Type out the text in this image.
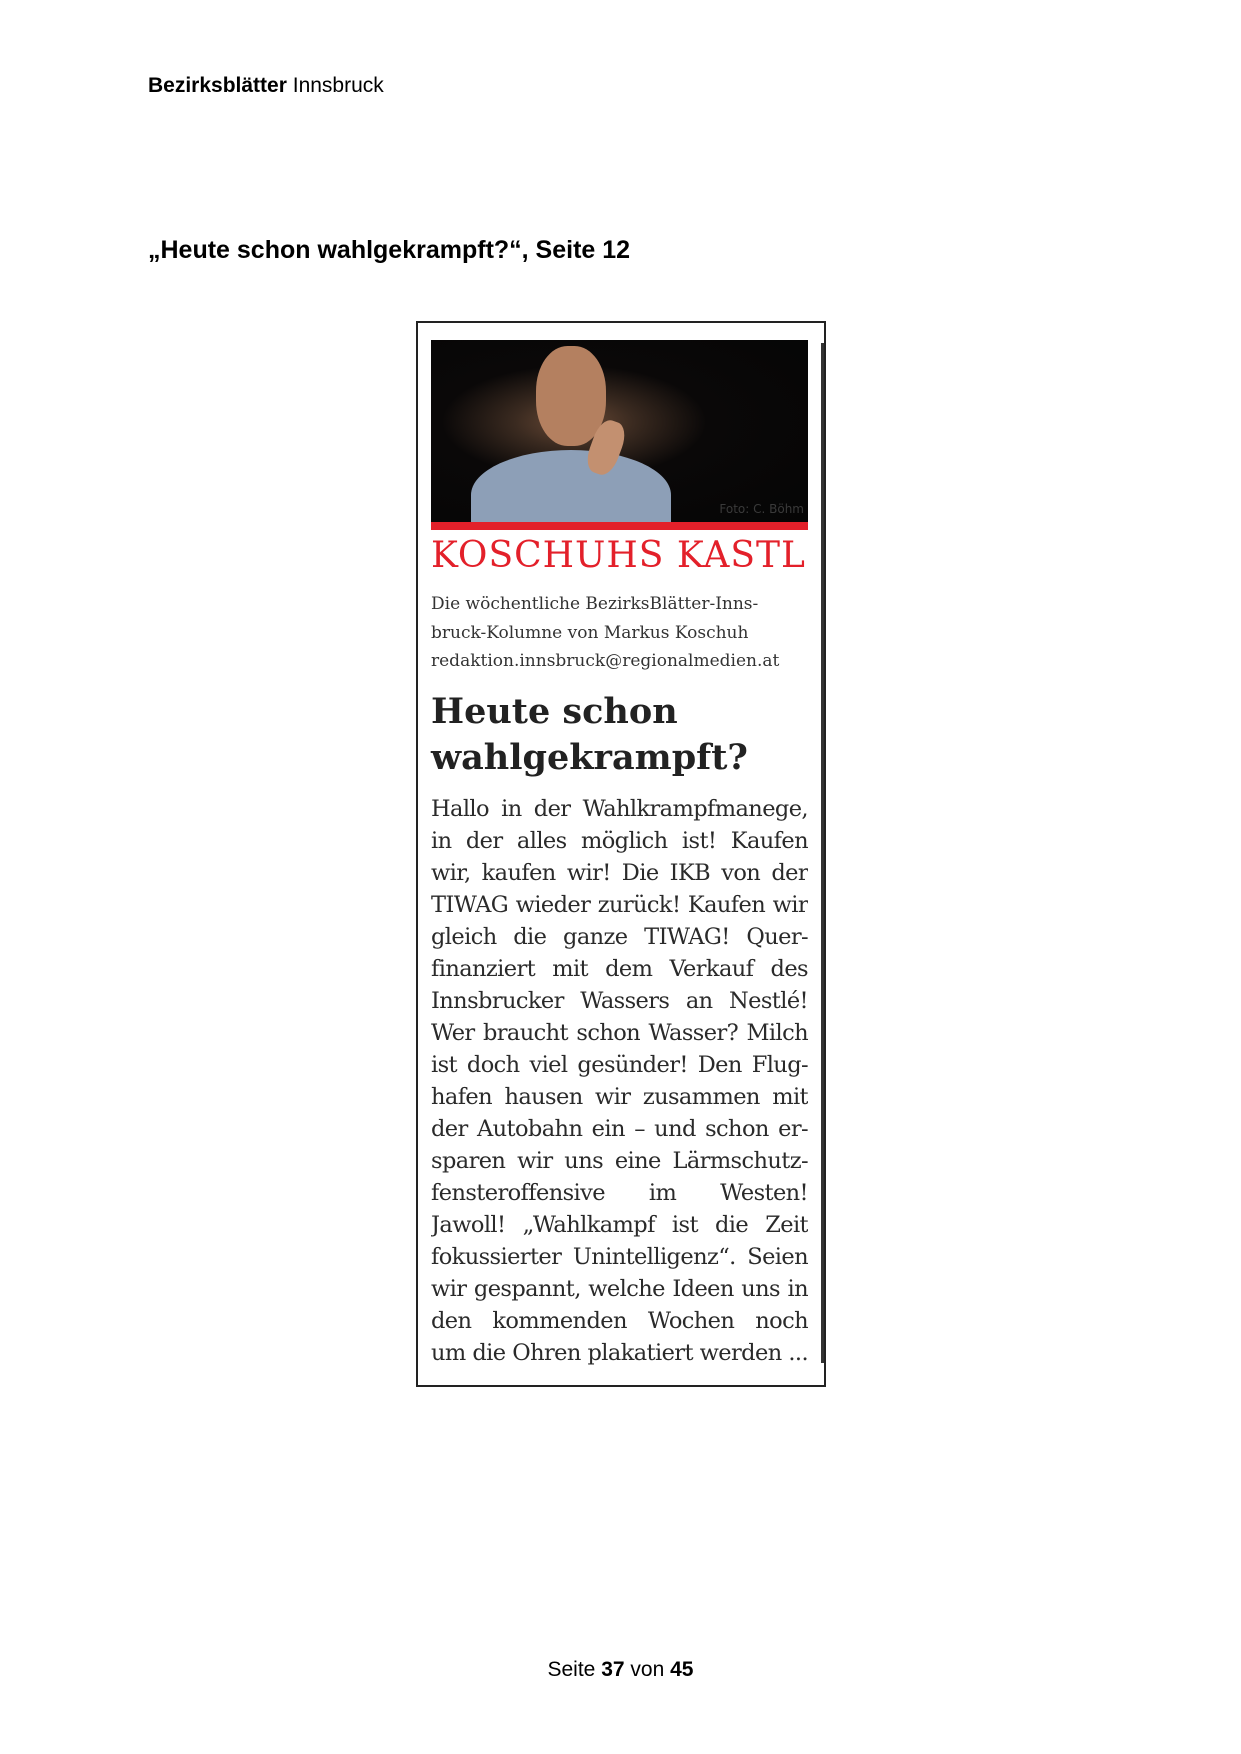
Bezirksblätter Innsbruck
„Heute schon wahlgekrampft?“, Seite 12
Foto: C. Böhm
KOSCHUHS KASTL
Die wöchentliche BezirksBlätter-Inns-
bruck-Kolumne von Markus Koschuh
redaktion.innsbruck@regionalmedien.at
Heute schon
wahlgekrampft?
Hallo in der Wahlkrampfmanege,
in der alles möglich ist! Kaufen
wir, kaufen wir! Die IKB von der
TIWAG wieder zurück! Kaufen wir
gleich die ganze TIWAG! Quer-
finanziert mit dem Verkauf des
Innsbrucker Wassers an Nestlé!
Wer braucht schon Wasser? Milch
ist doch viel gesünder! Den Flug-
hafen hausen wir zusammen mit
der Autobahn ein – und schon er-
sparen wir uns eine Lärmschutz-
fensteroffensive im Westen!
Jawoll! „Wahlkampf ist die Zeit
fokussierter Unintelligenz“. Seien
wir gespannt, welche Ideen uns in
den kommenden Wochen noch
um die Ohren plakatiert werden ...
Seite 37 von 45
